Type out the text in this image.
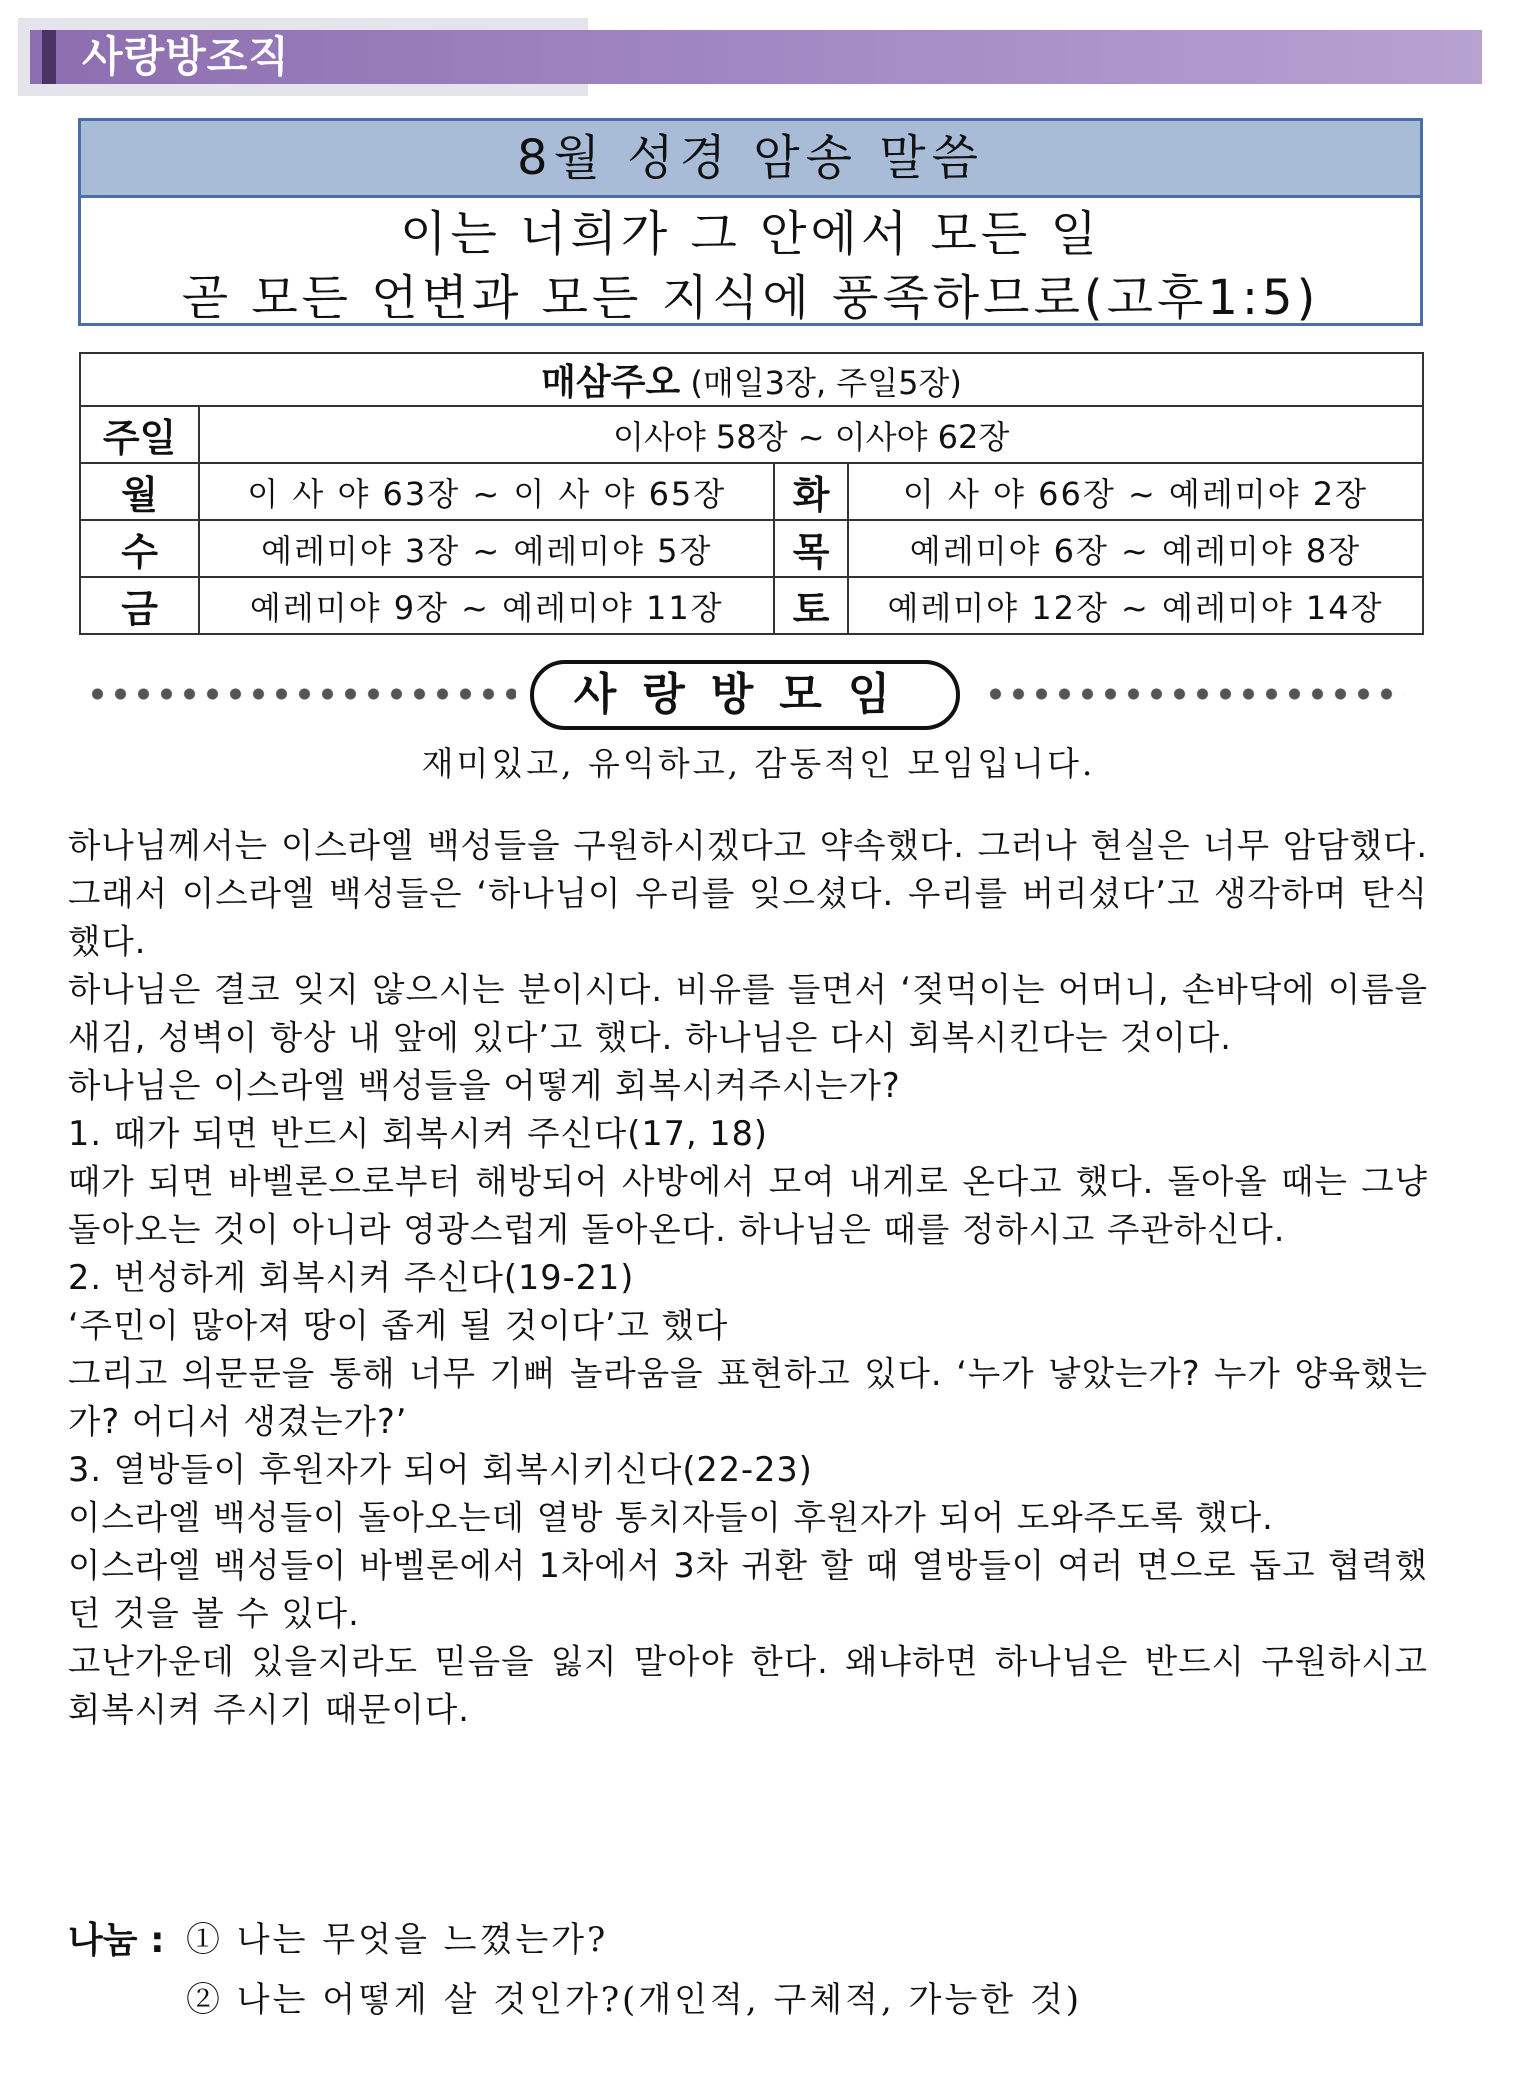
사랑방조직
8월 성경 암송 말씀
이는 너희가 그 안에서 모든 일
곧 모든 언변과 모든 지식에 풍족하므로(고후1:5)
매삼주오 (매일3장, 주일5장)			
주일	이사야 58장 ~ 이사야 62장		
월	이 사 야 63장 ~ 이 사 야 65장	화	이 사 야 66장 ~ 예레미야 2장
수	예레미야 3장 ~ 예레미야 5장	목	예레미야 6장 ~ 예레미야 8장
금	예레미야 9장 ~ 예레미야 11장	토	예레미야 12장 ~ 예레미야 14장
사랑방모임
재미있고, 유익하고, 감동적인 모임입니다.

하나님께서는 이스라엘 백성들을 구원하시겠다고 약속했다. 그러나 현실은 너무 암담했다. 그래서 이스라엘 백성들은 ‘하나님이 우리를 잊으셨다. 우리를 버리셨다’고 생각하며 탄식했다.

하나님은 결코 잊지 않으시는 분이시다. 비유를 들면서 ‘젖먹이는 어머니, 손바닥에 이름을 새김, 성벽이 항상 내 앞에 있다’고 했다. 하나님은 다시 회복시킨다는 것이다.

하나님은 이스라엘 백성들을 어떻게 회복시켜주시는가?

1. 때가 되면 반드시 회복시켜 주신다(17, 18)

때가 되면 바벨론으로부터 해방되어 사방에서 모여 내게로 온다고 했다. 돌아올 때는 그냥 돌아오는 것이 아니라 영광스럽게 돌아온다. 하나님은 때를 정하시고 주관하신다.

2. 번성하게 회복시켜 주신다(19-21)

‘주민이 많아져 땅이 좁게 될 것이다’고 했다

그리고 의문문을 통해 너무 기뻐 놀라움을 표현하고 있다. ‘누가 낳았는가? 누가 양육했는가? 어디서 생겼는가?’

3. 열방들이 후원자가 되어 회복시키신다(22-23)

이스라엘 백성들이 돌아오는데 열방 통치자들이 후원자가 되어 도와주도록 했다.

이스라엘 백성들이 바벨론에서 1차에서 3차 귀환 할 때 열방들이 여러 면으로 돕고 협력했던 것을 볼 수 있다.

고난가운데 있을지라도 믿음을 잃지 말아야 한다. 왜냐하면 하나님은 반드시 구원하시고 회복시켜 주시기 때문이다.

나눔 : ① 나는 무엇을 느꼈는가?
② 나는 어떻게 살 것인가?(개인적, 구체적, 가능한 것)
